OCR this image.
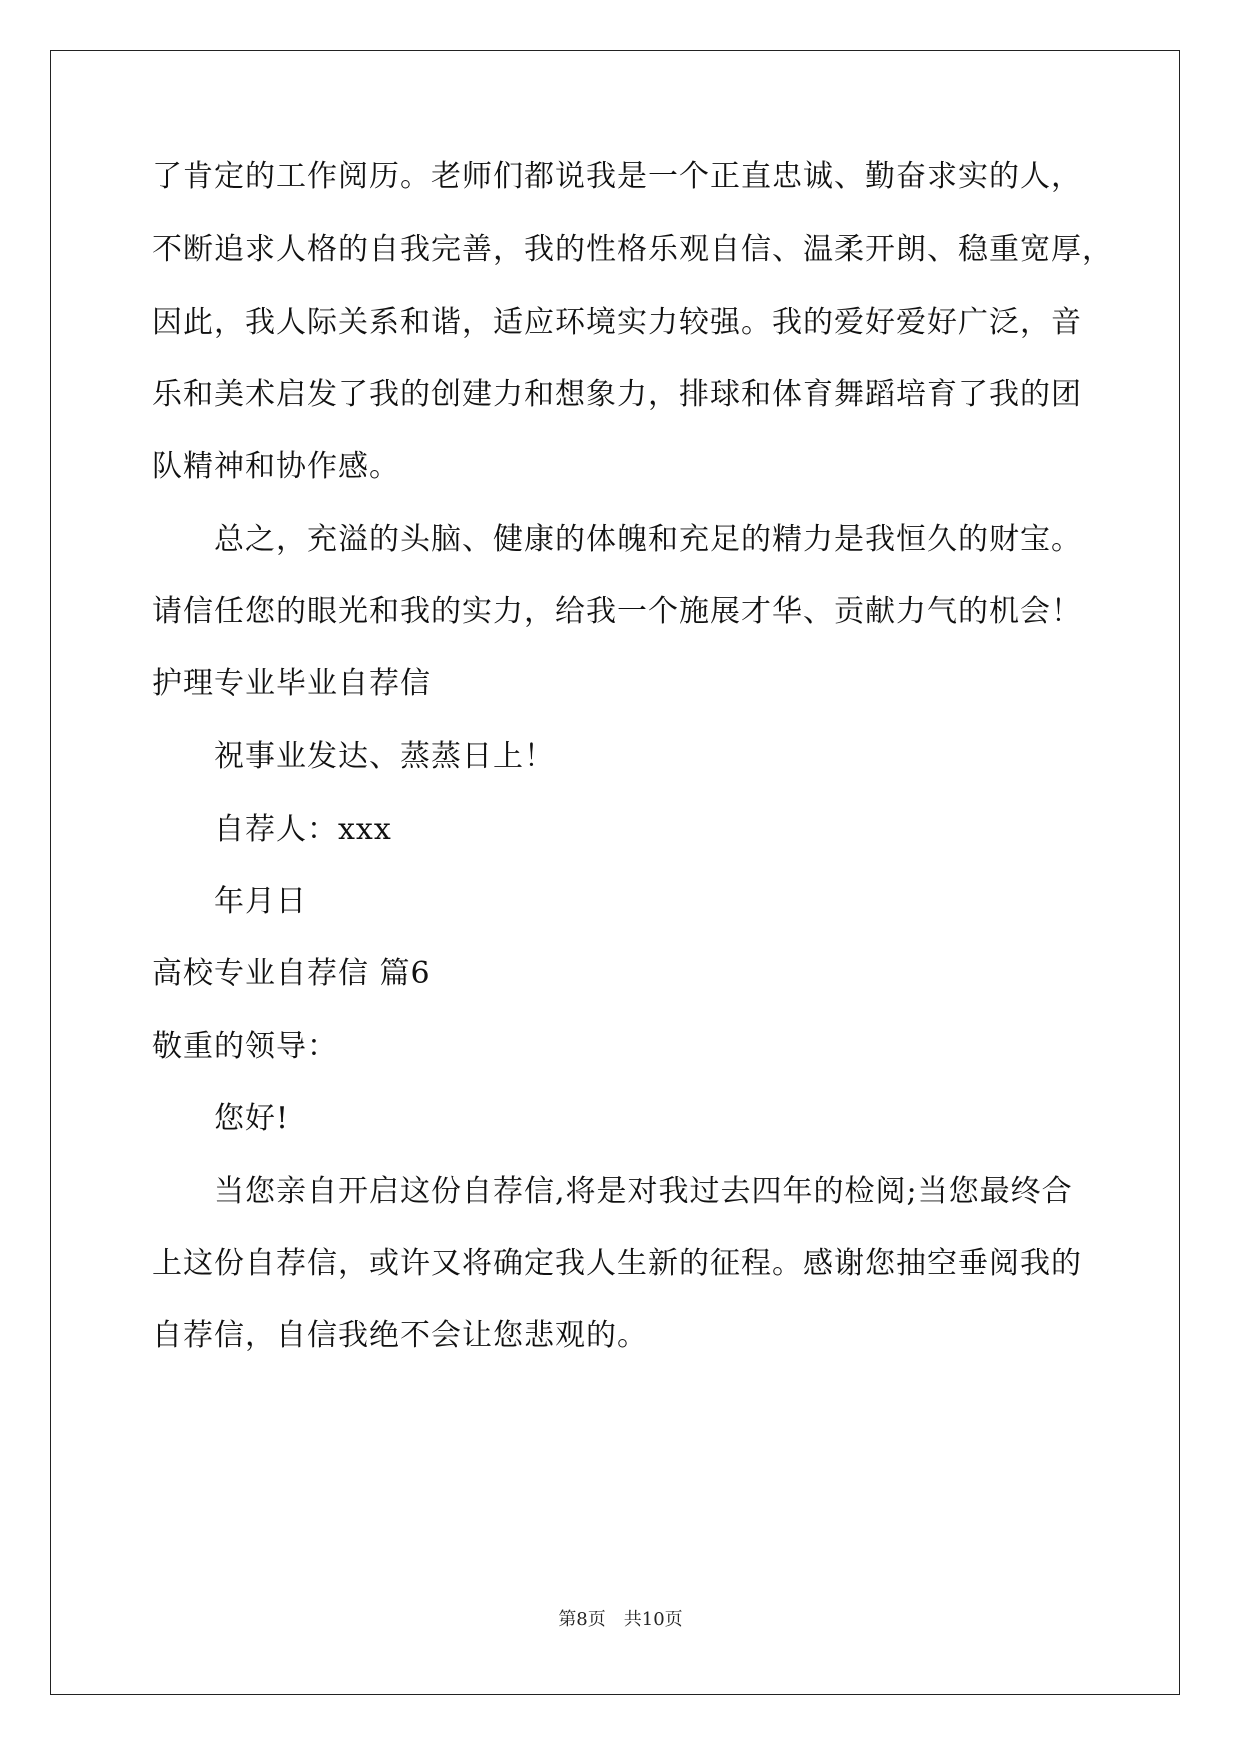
了肯定的工作阅历。老师们都说我是一个正直忠诚、勤奋求实的人，
不断追求人格的自我完善，我的性格乐观自信、温柔开朗、稳重宽厚，
因此，我人际关系和谐，适应环境实力较强。我的爱好爱好广泛，音
乐和美术启发了我的创建力和想象力，排球和体育舞蹈培育了我的团
队精神和协作感。
总之，充溢的头脑、健康的体魄和充足的精力是我恒久的财宝。
请信任您的眼光和我的实力，给我一个施展才华、贡献力气的机会！
护理专业毕业自荐信
祝事业发达、蒸蒸日上！
自荐人：xxx
年月日
高校专业自荐信 篇6
敬重的领导：
您好!
当您亲自开启这份自荐信,将是对我过去四年的检阅;当您最终合
上这份自荐信，或许又将确定我人生新的征程。感谢您抽空垂阅我的
自荐信，自信我绝不会让您悲观的。
第8页　共10页
